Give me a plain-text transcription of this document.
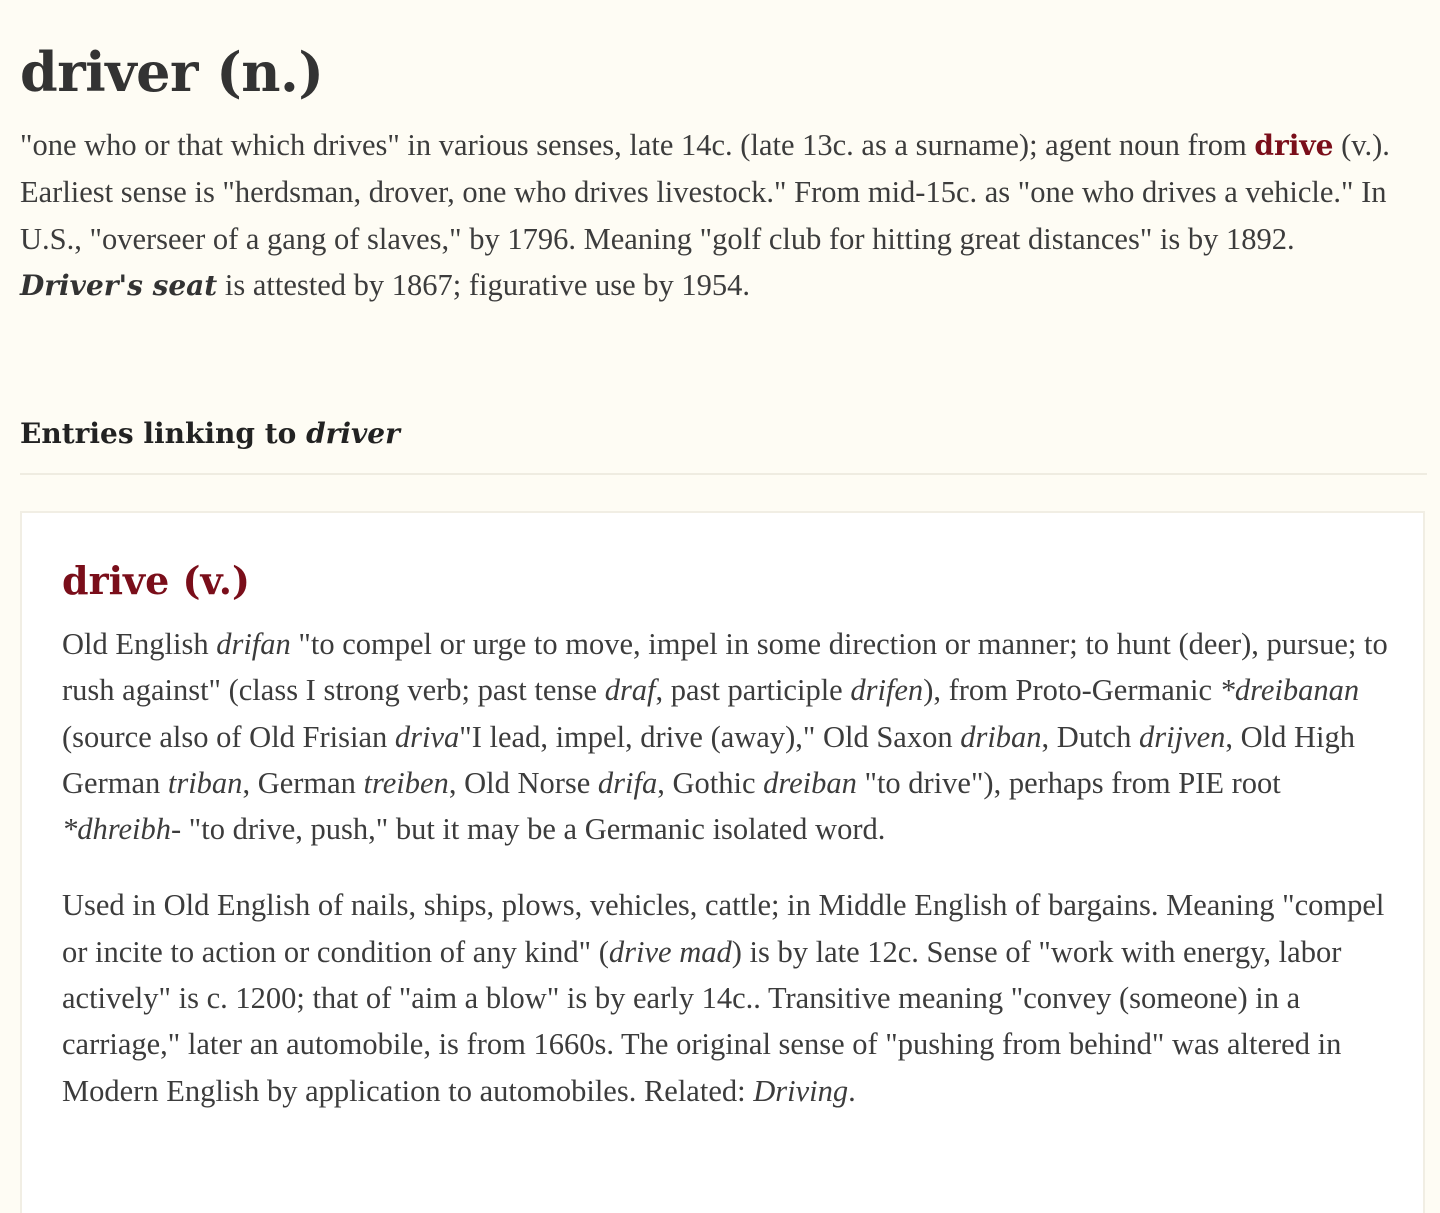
driver (n.)

"one who or that which drives" in various senses, late 14c. (late 13c. as a surname); agent noun from drive (v.). Earliest sense is "herdsman, drover, one who drives livestock." From mid-15c. as "one who drives a vehicle." In U.S., "overseer of a gang of slaves," by 1796. Meaning "golf club for hitting great distances" is by 1892. Driver's seat is attested by 1867; figurative use by 1954.

Entries linking to driver
drive (v.)

Old English drifan "to compel or urge to move, impel in some direction or manner; to hunt (deer), pursue; to rush against" (class I strong verb; past tense draf, past participle drifen), from Proto-Germanic *dreibanan (source also of Old Frisian driva"I lead, impel, drive (away)," Old Saxon driban, Dutch drijven, Old High German triban, German treiben, Old Norse drifa, Gothic dreiban "to drive"), perhaps from PIE root *dhreibh- "to drive, push," but it may be a Germanic isolated word.

Used in Old English of nails, ships, plows, vehicles, cattle; in Middle English of bargains. Meaning "compel or incite to action or condition of any kind" (drive mad) is by late 12c. Sense of "work with energy, labor actively" is c. 1200; that of "aim a blow" is by early 14c.. Transitive meaning "convey (someone) in a carriage," later an automobile, is from 1660s. The original sense of "pushing from behind" was altered in Modern English by application to automobiles. Related: Driving.
